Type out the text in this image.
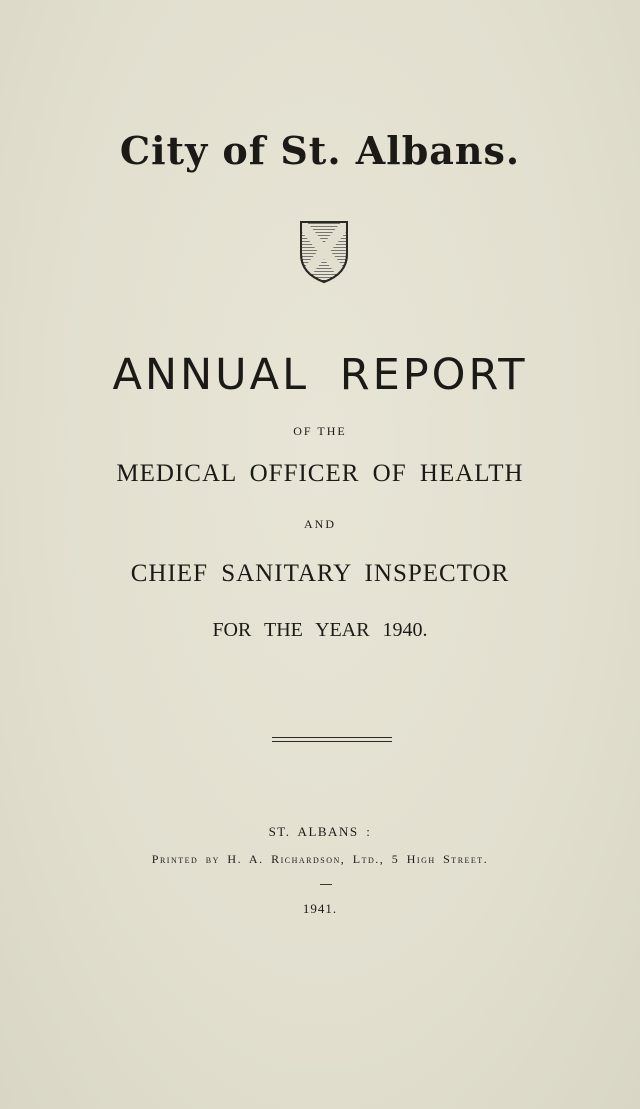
City of St. Albans.
ANNUAL REPORT
OF THE
MEDICAL OFFICER OF HEALTH
AND
CHIEF SANITARY INSPECTOR
FOR THE YEAR 1940.
ST. ALBANS :
Printed by H. A. Richardson, Ltd., 5 High Street.
1941.
